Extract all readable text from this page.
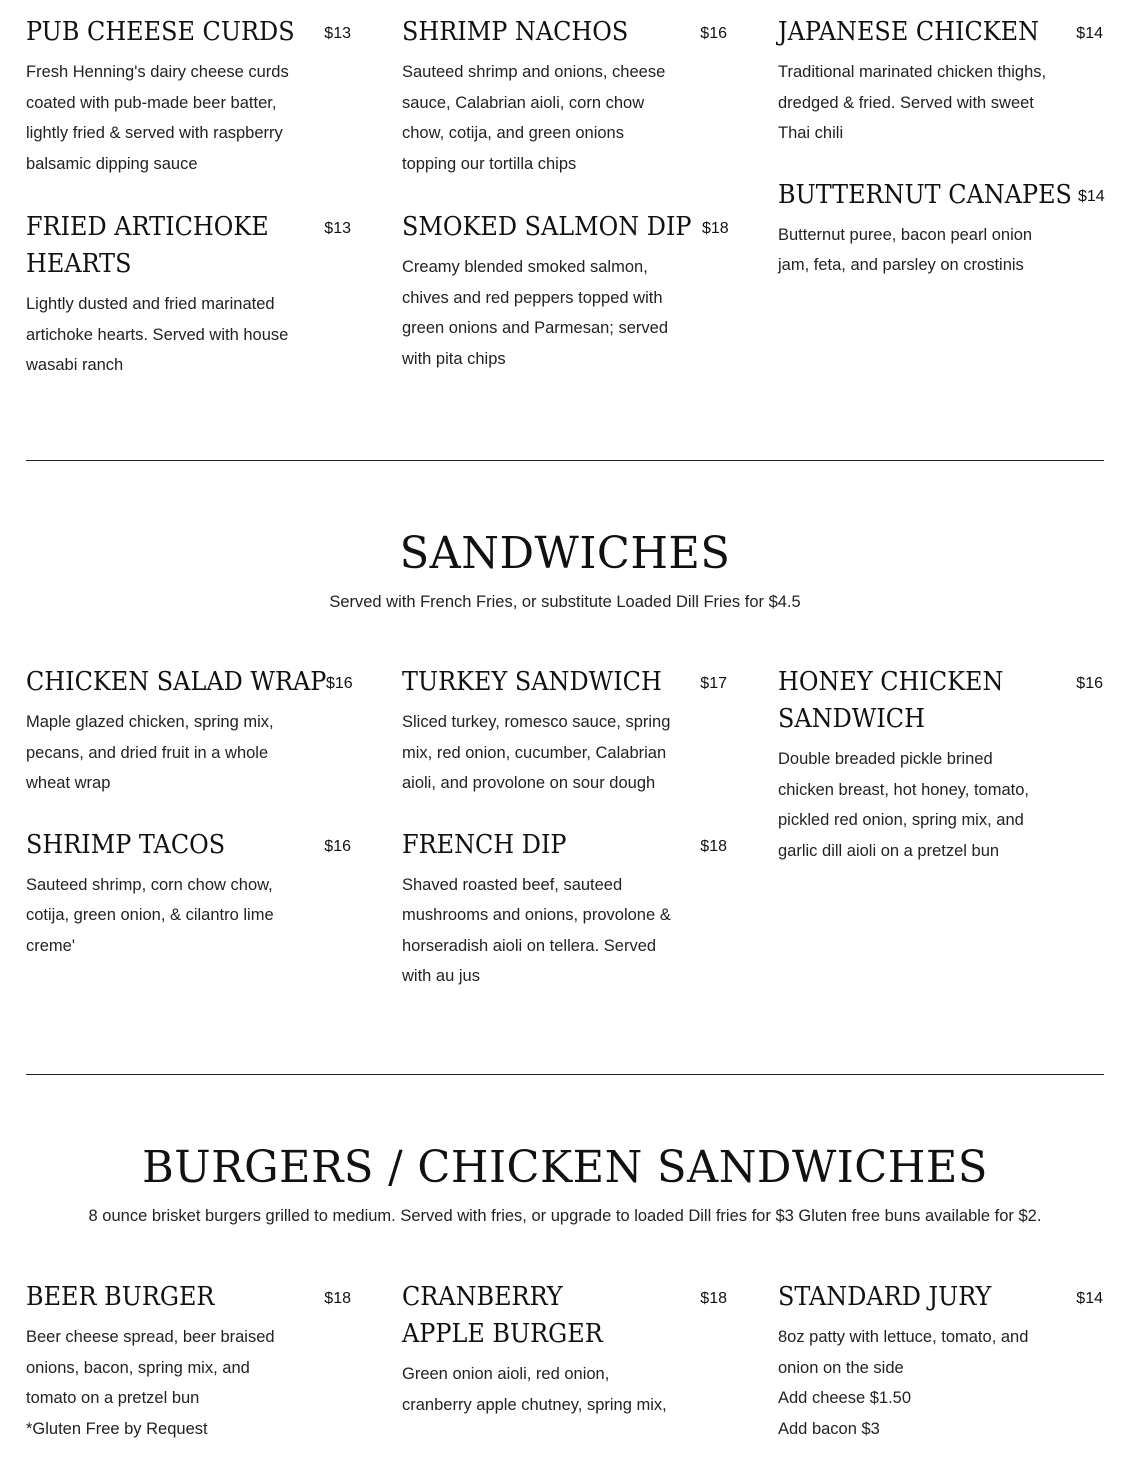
PUB CHEESE CURDS $13
Fresh Henning's dairy cheese curds coated with pub-made beer batter, lightly fried & served with raspberry balsamic dipping sauce
FRIED ARTICHOKE HEARTS
$13
Lightly dusted and fried marinated artichoke hearts. Served with house wasabi ranch
SHRIMP NACHOS	$16
Sauteed shrimp and onions, cheese sauce, Calabrian aioli, corn chow chow, cotija, and green onions topping our tortilla chips
SMOKED SALMON DIP $18
Creamy blended smoked salmon, chives and red peppers topped with green onions and Parmesan; served with pita chips
JAPANESE CHICKEN $14
Traditional marinated chicken thighs, dredged & fried. Served with sweet Thai chili
BUTTERNUT CANAPES $14
Butternut puree, bacon pearl onion jam, feta, and parsley on crostinis
SANDWICHES
Served with French Fries, or substitute Loaded Dill Fries for $4.5
CHICKEN SALAD WRAP $16
Maple glazed chicken, spring mix, pecans, and dried fruit in a whole wheat wrap
SHRIMP TACOS	$16
Sauteed shrimp, corn chow chow, cotija, green onion, & cilantro lime creme'
TURKEY SANDWICH $17
Sliced turkey, romesco sauce, spring mix, red onion, cucumber, Calabrian aioli, and provolone on sour dough
FRENCH DIP	$18
Shaved roasted beef, sauteed mushrooms and onions, provolone & horseradish aioli on tellera. Served with au jus
HONEY CHICKEN SANDWICH
$16
Double breaded pickle brined chicken breast, hot honey, tomato, pickled red onion, spring mix, and garlic dill aioli on a pretzel bun
BURGERS / CHICKEN SANDWICHES
8 ounce brisket burgers grilled to medium. Served with fries, or upgrade to loaded Dill fries for $3 Gluten free buns available for $2.
BEER BURGER	$18
Beer cheese spread, beer braised onions, bacon, spring mix, and tomato on a pretzel bun
*Gluten Free by Request
CRANBERRY APPLE BURGER
$18
Green onion aioli, red onion, cranberry apple chutney, spring mix,
STANDARD JURY	$14
8oz patty with lettuce, tomato, and onion on the side
Add cheese $1.50
Add bacon $3
